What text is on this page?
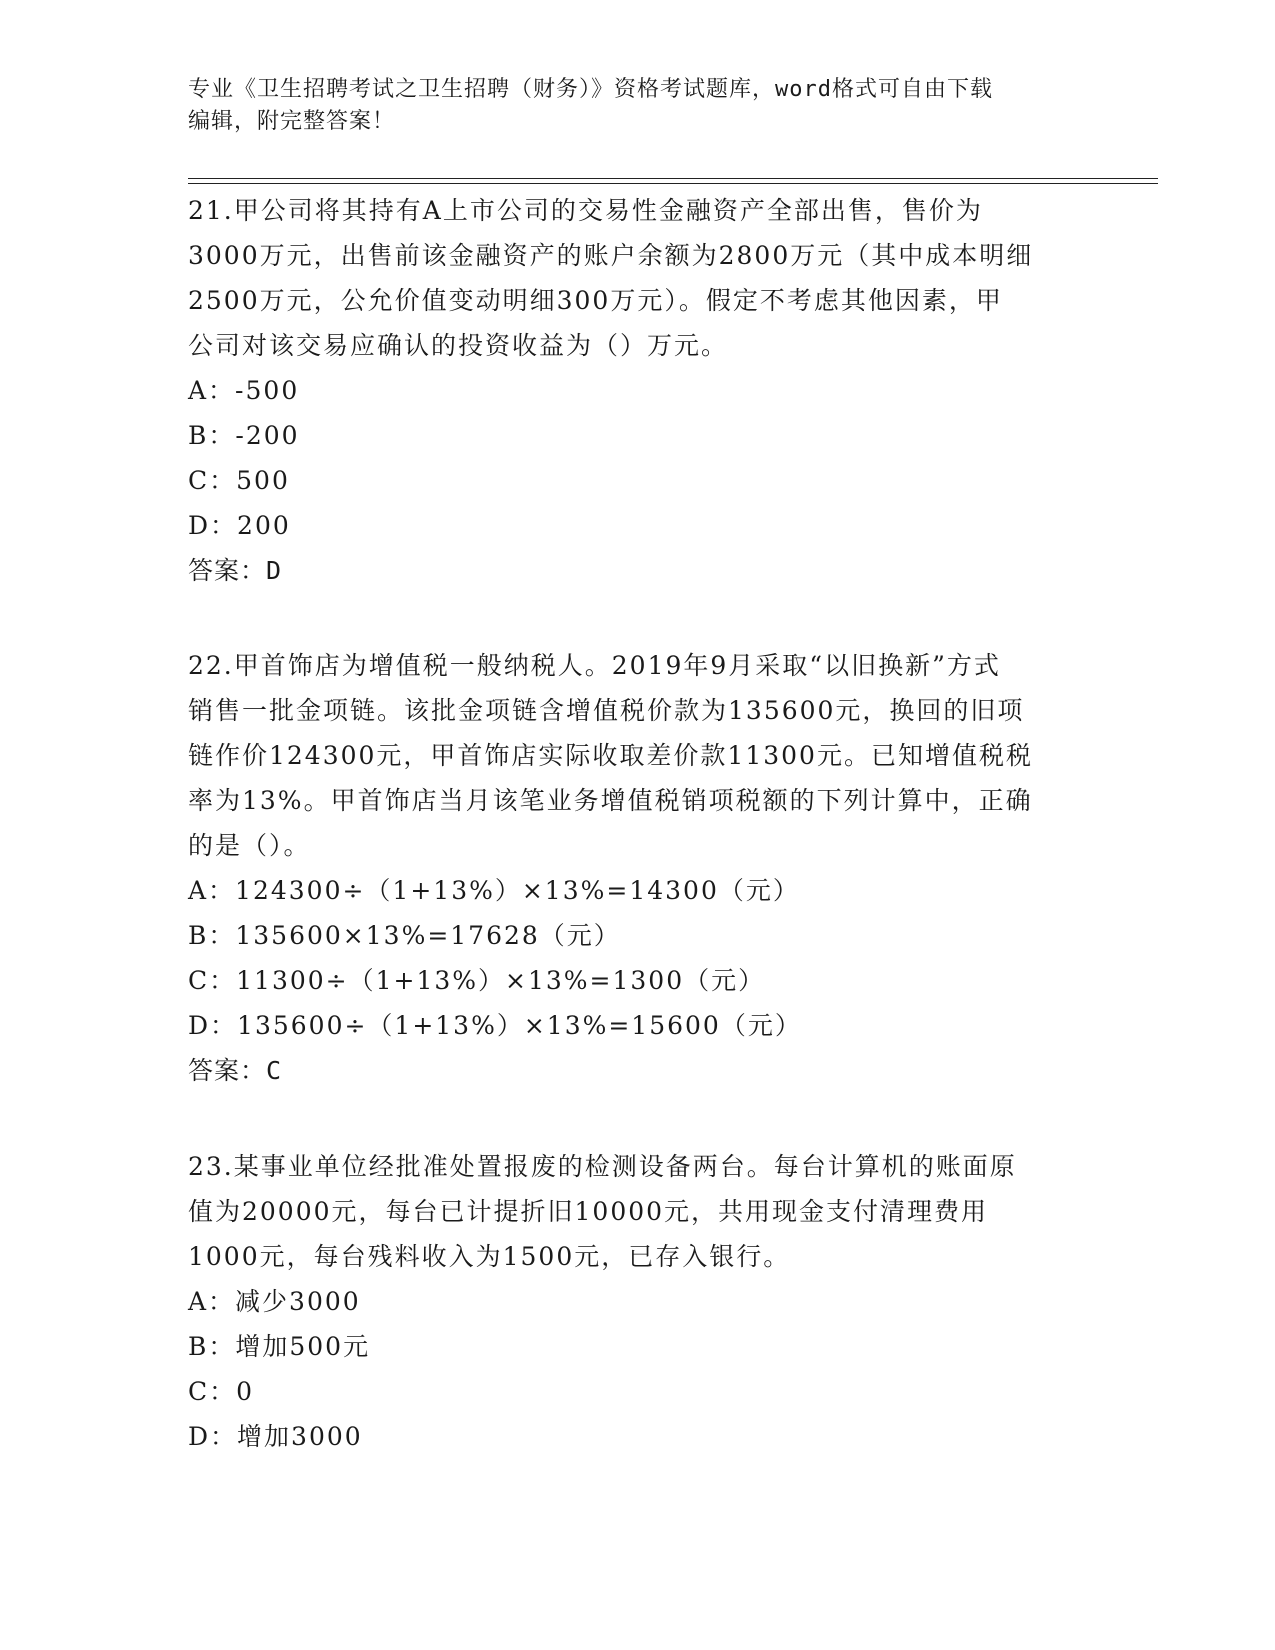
专业《卫生招聘考试之卫生招聘（财务）》资格考试题库，word格式可自由下载
编辑，附完整答案！
21.甲公司将其持有A上市公司的交易性金融资产全部出售，售价为
3000万元，出售前该金融资产的账户余额为2800万元（其中成本明细
2500万元，公允价值变动明细300万元）。假定不考虑其他因素，甲
公司对该交易应确认的投资收益为（）万元。
A：-500
B：-200
C：500
D：200
答案：D
22.甲首饰店为增值税一般纳税人。2019年9月采取“以旧换新”方式
销售一批金项链。该批金项链含增值税价款为135600元，换回的旧项
链作价124300元，甲首饰店实际收取差价款11300元。已知增值税税
率为13%。甲首饰店当月该笔业务增值税销项税额的下列计算中，正确
的是（）。
A：124300÷（1+13%）×13%=14300（元）
B：135600×13%=17628（元）
C：11300÷（1+13%）×13%=1300（元）
D：135600÷（1+13%）×13%=15600（元）
答案：C
23.某事业单位经批准处置报废的检测设备两台。每台计算机的账面原
值为20000元，每台已计提折旧10000元，共用现金支付清理费用
1000元，每台残料收入为1500元，已存入银行。
A：减少3000
B：增加500元
C：0
D：增加3000
